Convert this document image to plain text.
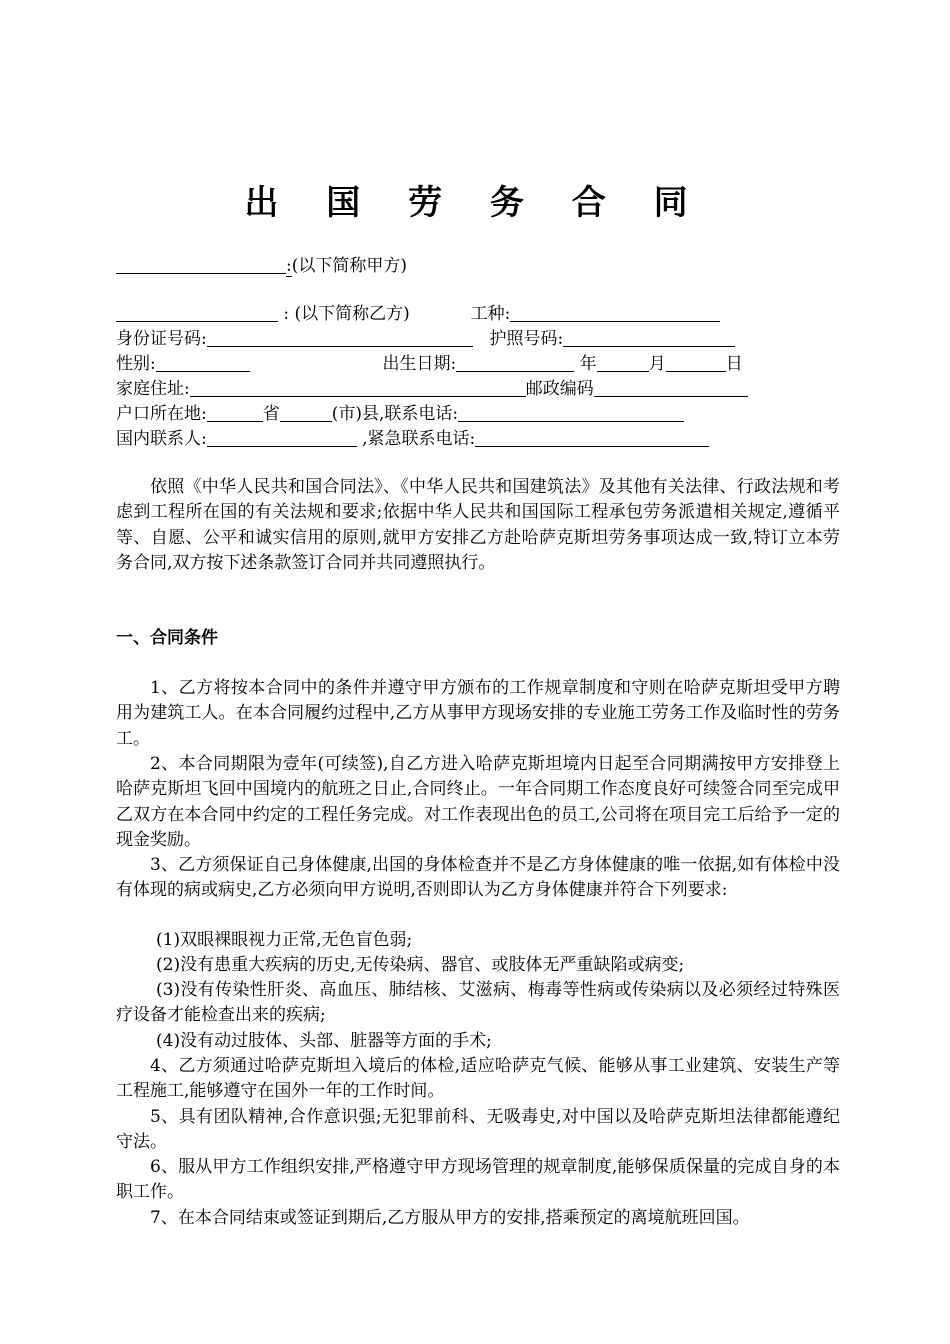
出 国 劳 务 合 同
:(以下简称甲方)
: (以下简称乙方)	工种:
身份证号码:	护照号码:
性别:	出生日期:	年	月	日
家庭住址:	邮政编码
户口所在地:	省	(市)县,联系电话:
国内联系人:	,紧急联系电话:

依照《中华人民共和国合同法》、《中华人民共和国建筑法》及其他有关法律、行政法规和考虑到工程所在国的有关法规和要求;依据中华人民共和国国际工程承包劳务派遣相关规定,遵循平等、自愿、公平和诚实信用的原则,就甲方安排乙方赴哈萨克斯坦劳务事项达成一致,特订立本劳务合同,双方按下述条款签订合同并共同遵照执行。

一、合同条件

1、乙方将按本合同中的条件并遵守甲方颁布的工作规章制度和守则在哈萨克斯坦受甲方聘用为建筑工人。在本合同履约过程中,乙方从事甲方现场安排的专业施工劳务工作及临时性的劳务工。

2、本合同期限为壹年(可续签),自乙方进入哈萨克斯坦境内日起至合同期满按甲方安排登上哈萨克斯坦飞回中国境内的航班之日止,合同终止。一年合同期工作态度良好可续签合同至完成甲乙双方在本合同中约定的工程任务完成。对工作表现出色的员工,公司将在项目完工后给予一定的现金奖励。

3、乙方须保证自己身体健康,出国的身体检查并不是乙方身体健康的唯一依据,如有体检中没有体现的病或病史,乙方必须向甲方说明,否则即认为乙方身体健康并符合下列要求:

(1)双眼裸眼视力正常,无色盲色弱;

(2)没有患重大疾病的历史,无传染病、器官、或肢体无严重缺陷或病变;

(3)没有传染性肝炎、高血压、肺结核、艾滋病、梅毒等性病或传染病以及必须经过特殊医疗设备才能检查出来的疾病;

(4)没有动过肢体、头部、脏器等方面的手术;

4、乙方须通过哈萨克斯坦入境后的体检,适应哈萨克气候、能够从事工业建筑、安装生产等工程施工,能够遵守在国外一年的工作时间。

5、具有团队精神,合作意识强;无犯罪前科、无吸毒史,对中国以及哈萨克斯坦法律都能遵纪守法。

6、服从甲方工作组织安排,严格遵守甲方现场管理的规章制度,能够保质保量的完成自身的本职工作。

7、在本合同结束或签证到期后,乙方服从甲方的安排,搭乘预定的离境航班回国。
